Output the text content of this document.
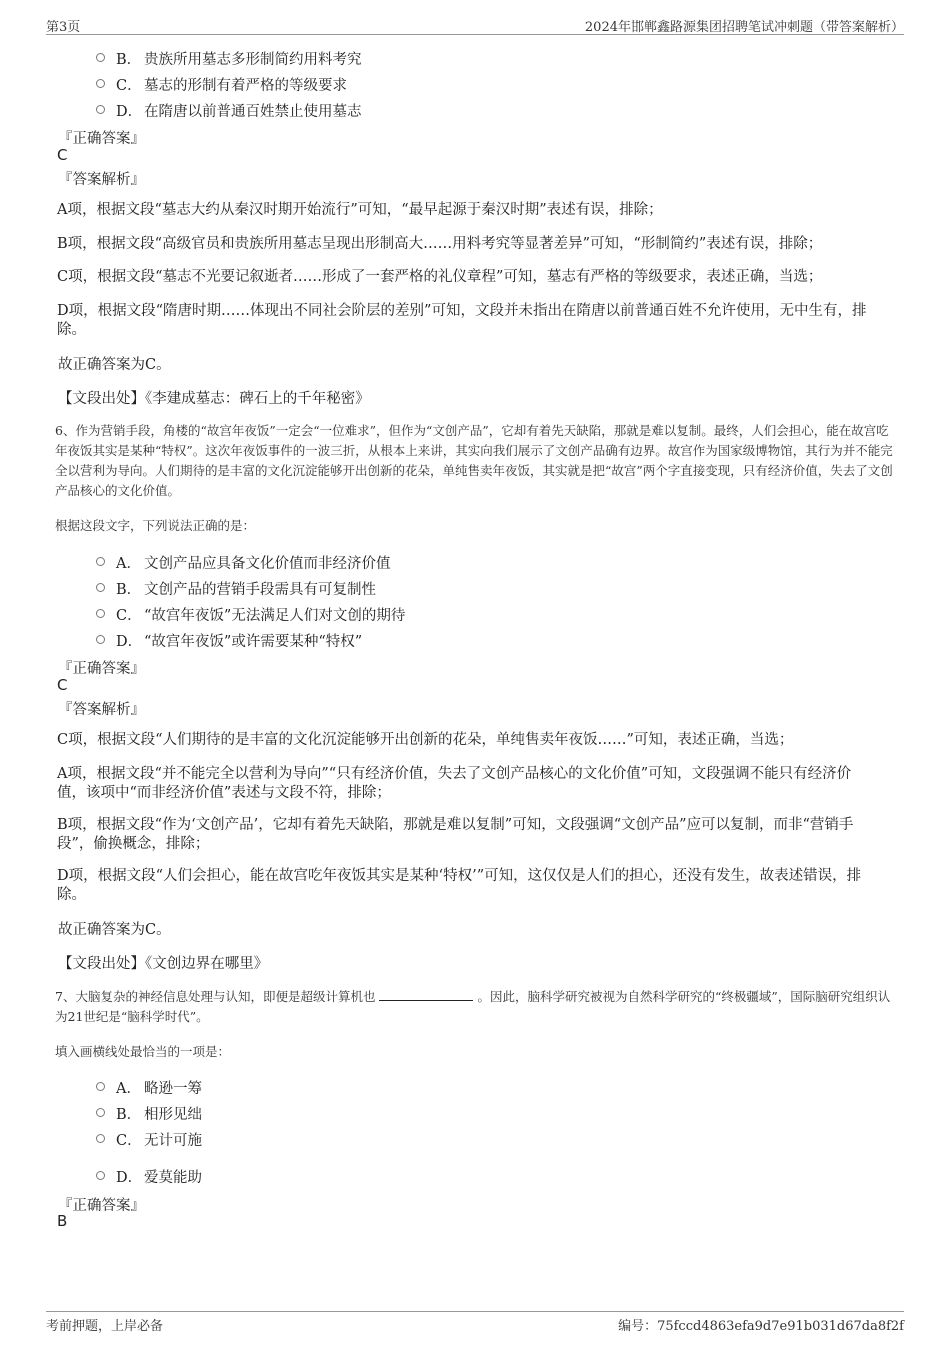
第3页	2024年邯郸鑫路源集团招聘笔试冲刺题（带答案解析）
B． 贵族所用墓志多形制简约用料考究
C． 墓志的形制有着严格的等级要求
D． 在隋唐以前普通百姓禁止使用墓志
『正确答案』
C
『答案解析』
A项，根据文段“墓志大约从秦汉时期开始流行”可知，“最早起源于秦汉时期”表述有误，排除；
B项，根据文段“高级官员和贵族所用墓志呈现出形制高大……用料考究等显著差异”可知，“形制简约”表述有误，排除；
C项，根据文段“墓志不光要记叙逝者……形成了一套严格的礼仪章程”可知，墓志有严格的等级要求，表述正确，当选；
D项，根据文段“隋唐时期……体现出不同社会阶层的差别”可知，文段并未指出在隋唐以前普通百姓不允许使用，无中生有，排除。
故正确答案为C。
【文段出处】《李建成墓志：碑石上的千年秘密》
6、作为营销手段，角楼的“故宫年夜饭”一定会“一位难求”，但作为“文创产品”，它却有着先天缺陷，那就是难以复制。最终，人们会担心，能在故宫吃年夜饭其实是某种“特权”。这次年夜饭事件的一波三折，从根本上来讲，其实向我们展示了文创产品确有边界。故宫作为国家级博物馆，其行为并不能完全以营利为导向。人们期待的是丰富的文化沉淀能够开出创新的花朵，单纯售卖年夜饭，其实就是把“故宫”两个字直接变现，只有经济价值，失去了文创产品核心的文化价值。
根据这段文字，下列说法正确的是：
A． 文创产品应具备文化价值而非经济价值
B． 文创产品的营销手段需具有可复制性
C． “故宫年夜饭”无法满足人们对文创的期待
D． “故宫年夜饭”或许需要某种“特权”
『正确答案』
C
『答案解析』
C项，根据文段“人们期待的是丰富的文化沉淀能够开出创新的花朵，单纯售卖年夜饭……”可知，表述正确，当选；
A项，根据文段“并不能完全以营利为导向”“只有经济价值，失去了文创产品核心的文化价值”可知，文段强调不能只有经济价值，该项中“而非经济价值”表述与文段不符，排除；
B项，根据文段“作为‘文创产品’，它却有着先天缺陷，那就是难以复制”可知，文段强调“文创产品”应可以复制，而非“营销手段”，偷换概念，排除；
D项，根据文段“人们会担心，能在故宫吃年夜饭其实是某种‘特权’”可知，这仅仅是人们的担心，还没有发生，故表述错误，排除。
故正确答案为C。
【文段出处】《文创边界在哪里》
7、大脑复杂的神经信息处理与认知，即便是超级计算机也	。因此，脑科学研究被视为自然科学研究的“终极疆域”，国际脑研究组织认为21世纪是“脑科学时代”。
填入画横线处最恰当的一项是：
A． 略逊一筹
B． 相形见绌
C． 无计可施
D． 爱莫能助
『正确答案』
B
考前押题，上岸必备	编号：75fccd4863efa9d7e91b031d67da8f2f
